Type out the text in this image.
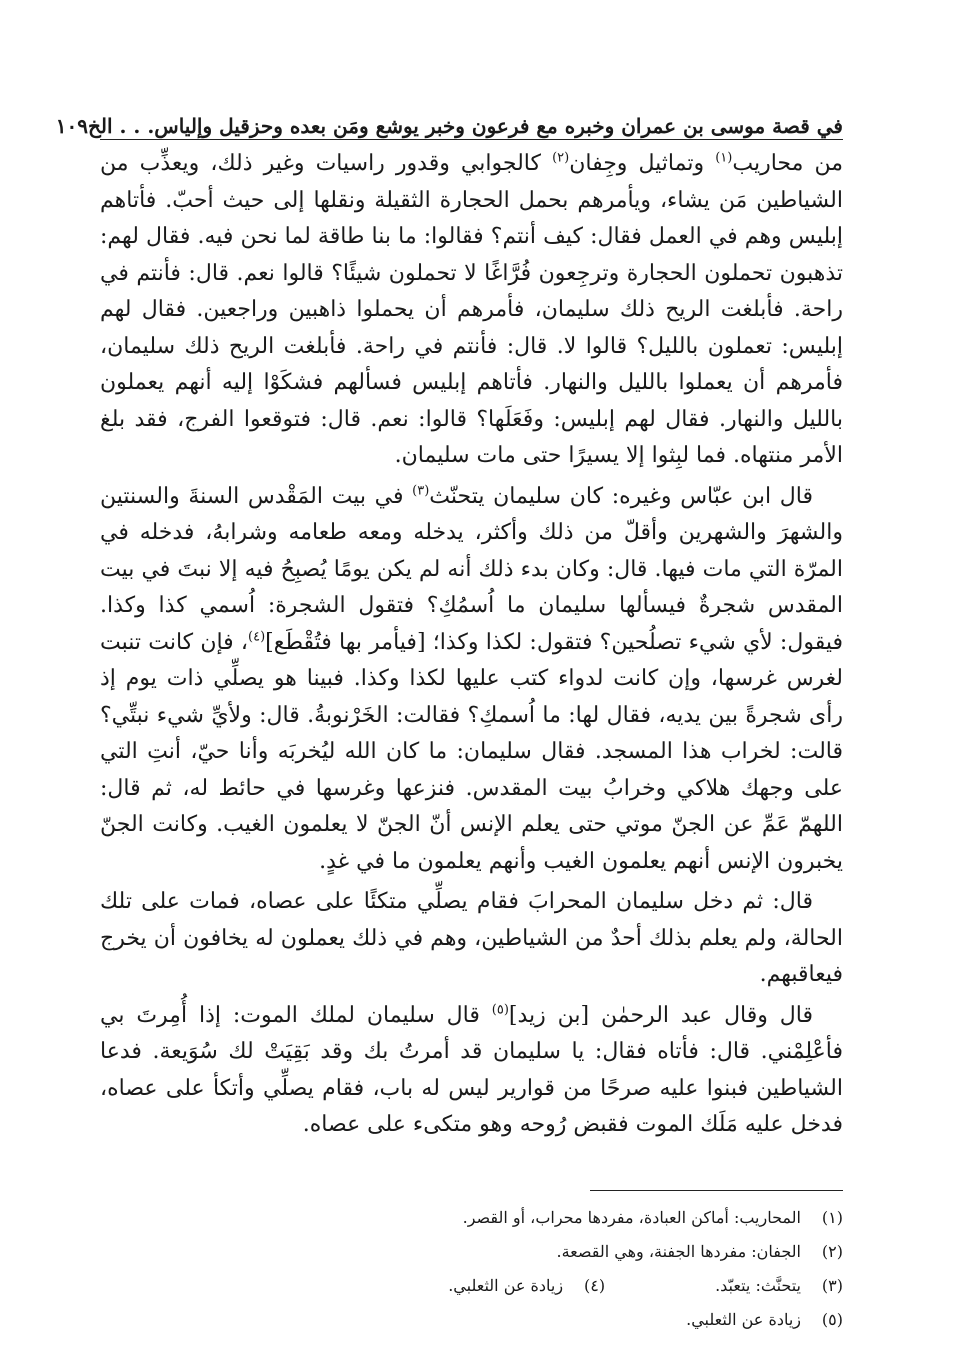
في قصة موسى بن عمران وخبره مع فرعون وخبر يوشع ومَن بعده وحزقيل وإلياس. . . الخ
١٠٩

من محاريب$^{(١)}$ وتماثيل وجِفان$^{(٢)}$ كالجوابي وقدور راسيات وغير ذلك، ويعذِّب من الشياطين مَن يشاء، ويأمرهم بحمل الحجارة الثقيلة ونقلها إلى حيث أحبّ. فأتاهم إبليس وهم في العمل فقال: كيف أنتم؟ فقالوا: ما بنا طاقة لما نحن فيه. فقال لهم: تذهبون تحملون الحجارة وترجِعون فُرَّاغًا لا تحملون شيئًا؟ قالوا نعم. قال: فأنتم في راحة. فأبلغت الريح ذلك سليمان، فأمرهم أن يحملوا ذاهبين وراجعين. فقال لهم إبليس: تعملون بالليل؟ قالوا لا. قال: فأنتم في راحة. فأبلغت الريح ذلك سليمان، فأمرهم أن يعملوا بالليل والنهار. فأتاهم إبليس فسألهم فشكَوْا إليه أنهم يعملون بالليل والنهار. فقال لهم إبليس: وفَعَلَها؟ قالوا: نعم. قال: فتوقعوا الفرج، فقد بلغ الأمر منتهاه. فما لبِثوا إلا يسيرًا حتى مات سليمان.

قال ابن عبّاس وغيره: كان سليمان يتحنّث$^{(٣)}$ في بيت المَقْدس السنةَ والسنتين والشهرَ والشهرين وأقلّ من ذلك وأكثر، يدخله ومعه طعامه وشرابهُ، فدخله في المرّة التي مات فيها. قال: وكان بدء ذلك أنه لم يكن يومًا يُصبِحُ فيه إلا نبتَ في بيت المقدس شجرةٌ فيسألها سليمان ما اُسمُكِ؟ فتقول الشجرة: اُسمي كذا وكذا. فيقول: لأي شيء تصلُحين؟ فتقول: لكذا وكذا؛ [فيأمر بها فتُقْطَع]$^{(٤)}$، فإن كانت تنبت لغرس غرسها، وإن كانت لدواء كتب عليها لكذا وكذا. فبينا هو يصلِّي ذات يوم إذ رأى شجرةً بين يديه، فقال لها: ما اُسمكِ؟ فقالت: الخَرْنوبةُ. قال: ولأيِّ شيء نبتِّي؟ قالت: لخراب هذا المسجد. فقال سليمان: ما كان الله ليُخربَه وأنا حيّ، أنتِ التي على وجهك هلاكي وخرابُ بيت المقدس. فنزعها وغرسها في حائط له، ثم قال: اللهمّ عَمِّ عن الجنّ موتي حتى يعلم الإنس أنّ الجنّ لا يعلمون الغيب. وكانت الجنّ يخبرون الإنس أنهم يعلمون الغيب وأنهم يعلمون ما في غدٍ.

قال: ثم دخل سليمان المحرابَ فقام يصلِّي متكئًا على عصاه، فمات على تلك الحالة، ولم يعلم بذلك أحدٌ من الشياطين، وهم في ذلك يعملون له يخافون أن يخرج فيعاقبهم.

قال وقال عبد الرحمٰن [بن زيد]$^{(٥)}$ قال سليمان لملك الموت: إذا أُمِرتَ بي فأعْلِمْني. قال: فأتاه فقال: يا سليمان قد أمرتُ بك وقد بَقِيَتْ لك سُوَيعة. فدعا الشياطين فبنوا عليه صرحًا من قوارير ليس له باب، فقام يصلِّي وأتكأ على عصاه، فدخل عليه مَلَك الموت فقبض رُوحه وهو متكىء على عصاه.

(١)
المحاريب: أماكن العبادة، مفردها محراب، أو القصر.
(٢)
الجفان: مفردها الجفنة، وهي القصعة.
(٣)
يتحنَّث: يتعبّد.
(٤)
زيادة عن الثعلبي.
(٥)
زيادة عن الثعلبي.
